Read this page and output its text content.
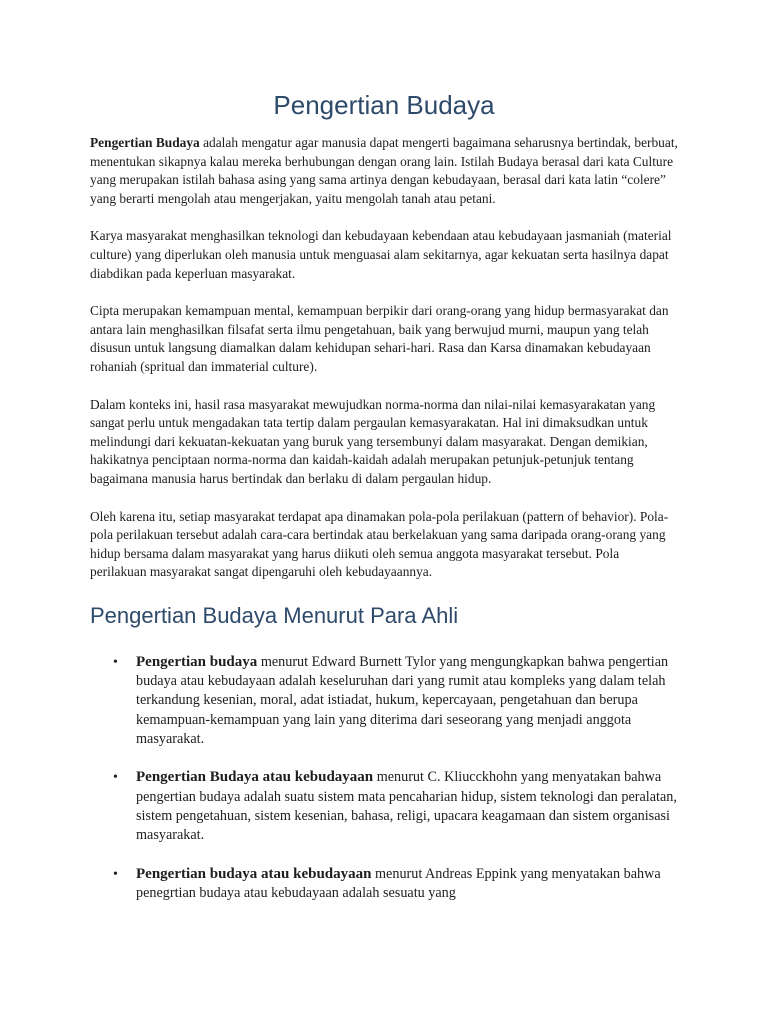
Pengertian Budaya

Pengertian Budaya adalah mengatur agar manusia dapat mengerti bagaimana seharusnya bertindak, berbuat, menentukan sikapnya kalau mereka berhubungan dengan orang lain. Istilah Budaya berasal dari kata Culture yang merupakan istilah bahasa asing yang sama artinya dengan kebudayaan, berasal dari kata latin “colere” yang berarti mengolah atau mengerjakan, yaitu mengolah tanah atau petani.

Karya masyarakat menghasilkan teknologi dan kebudayaan kebendaan atau kebudayaan jasmaniah (material culture) yang diperlukan oleh manusia untuk menguasai alam sekitarnya, agar kekuatan serta hasilnya dapat diabdikan pada keperluan masyarakat.

Cipta merupakan kemampuan mental, kemampuan berpikir dari orang-orang yang hidup bermasyarakat dan antara lain menghasilkan filsafat serta ilmu pengetahuan, baik yang berwujud murni, maupun yang telah disusun untuk langsung diamalkan dalam kehidupan sehari-hari. Rasa dan Karsa dinamakan kebudayaan rohaniah (spritual dan immaterial culture).

Dalam konteks ini, hasil rasa masyarakat mewujudkan norma-norma dan nilai-nilai kemasyarakatan yang sangat perlu untuk mengadakan tata tertip dalam pergaulan kemasyarakatan. Hal ini dimaksudkan untuk melindungi dari kekuatan-kekuatan yang buruk yang tersembunyi dalam masyarakat. Dengan demikian, hakikatnya penciptaan norma-norma dan kaidah-kaidah adalah merupakan petunjuk-petunjuk tentang bagaimana manusia harus bertindak dan berlaku di dalam pergaulan hidup.

Oleh karena itu, setiap masyarakat terdapat apa dinamakan pola-pola perilakuan (pattern of behavior). Pola-pola perilakuan tersebut adalah cara-cara bertindak atau berkelakuan yang sama daripada orang-orang yang hidup bersama dalam masyarakat yang harus diikuti oleh semua anggota masyarakat tersebut. Pola perilakuan masyarakat sangat dipengaruhi oleh kebudayaannya.

Pengertian Budaya Menurut Para Ahli
• Pengertian budaya menurut Edward Burnett Tylor yang mengungkapkan bahwa pengertian budaya atau kebudayaan adalah keseluruhan dari yang rumit atau kompleks yang dalam telah terkandung kesenian, moral, adat istiadat, hukum, kepercayaan, pengetahuan dan berupa kemampuan-kemampuan yang lain yang diterima dari seseorang yang menjadi anggota masyarakat.
• Pengertian Budaya atau kebudayaan menurut C. Kliucckhohn yang menyatakan bahwa pengertian budaya adalah suatu sistem mata pencaharian hidup, sistem teknologi dan peralatan, sistem pengetahuan, sistem kesenian, bahasa, religi, upacara keagamaan dan sistem organisasi masyarakat.
• Pengertian budaya atau kebudayaan menurut Andreas Eppink yang menyatakan bahwa penegrtian budaya atau kebudayaan adalah sesuatu yang
